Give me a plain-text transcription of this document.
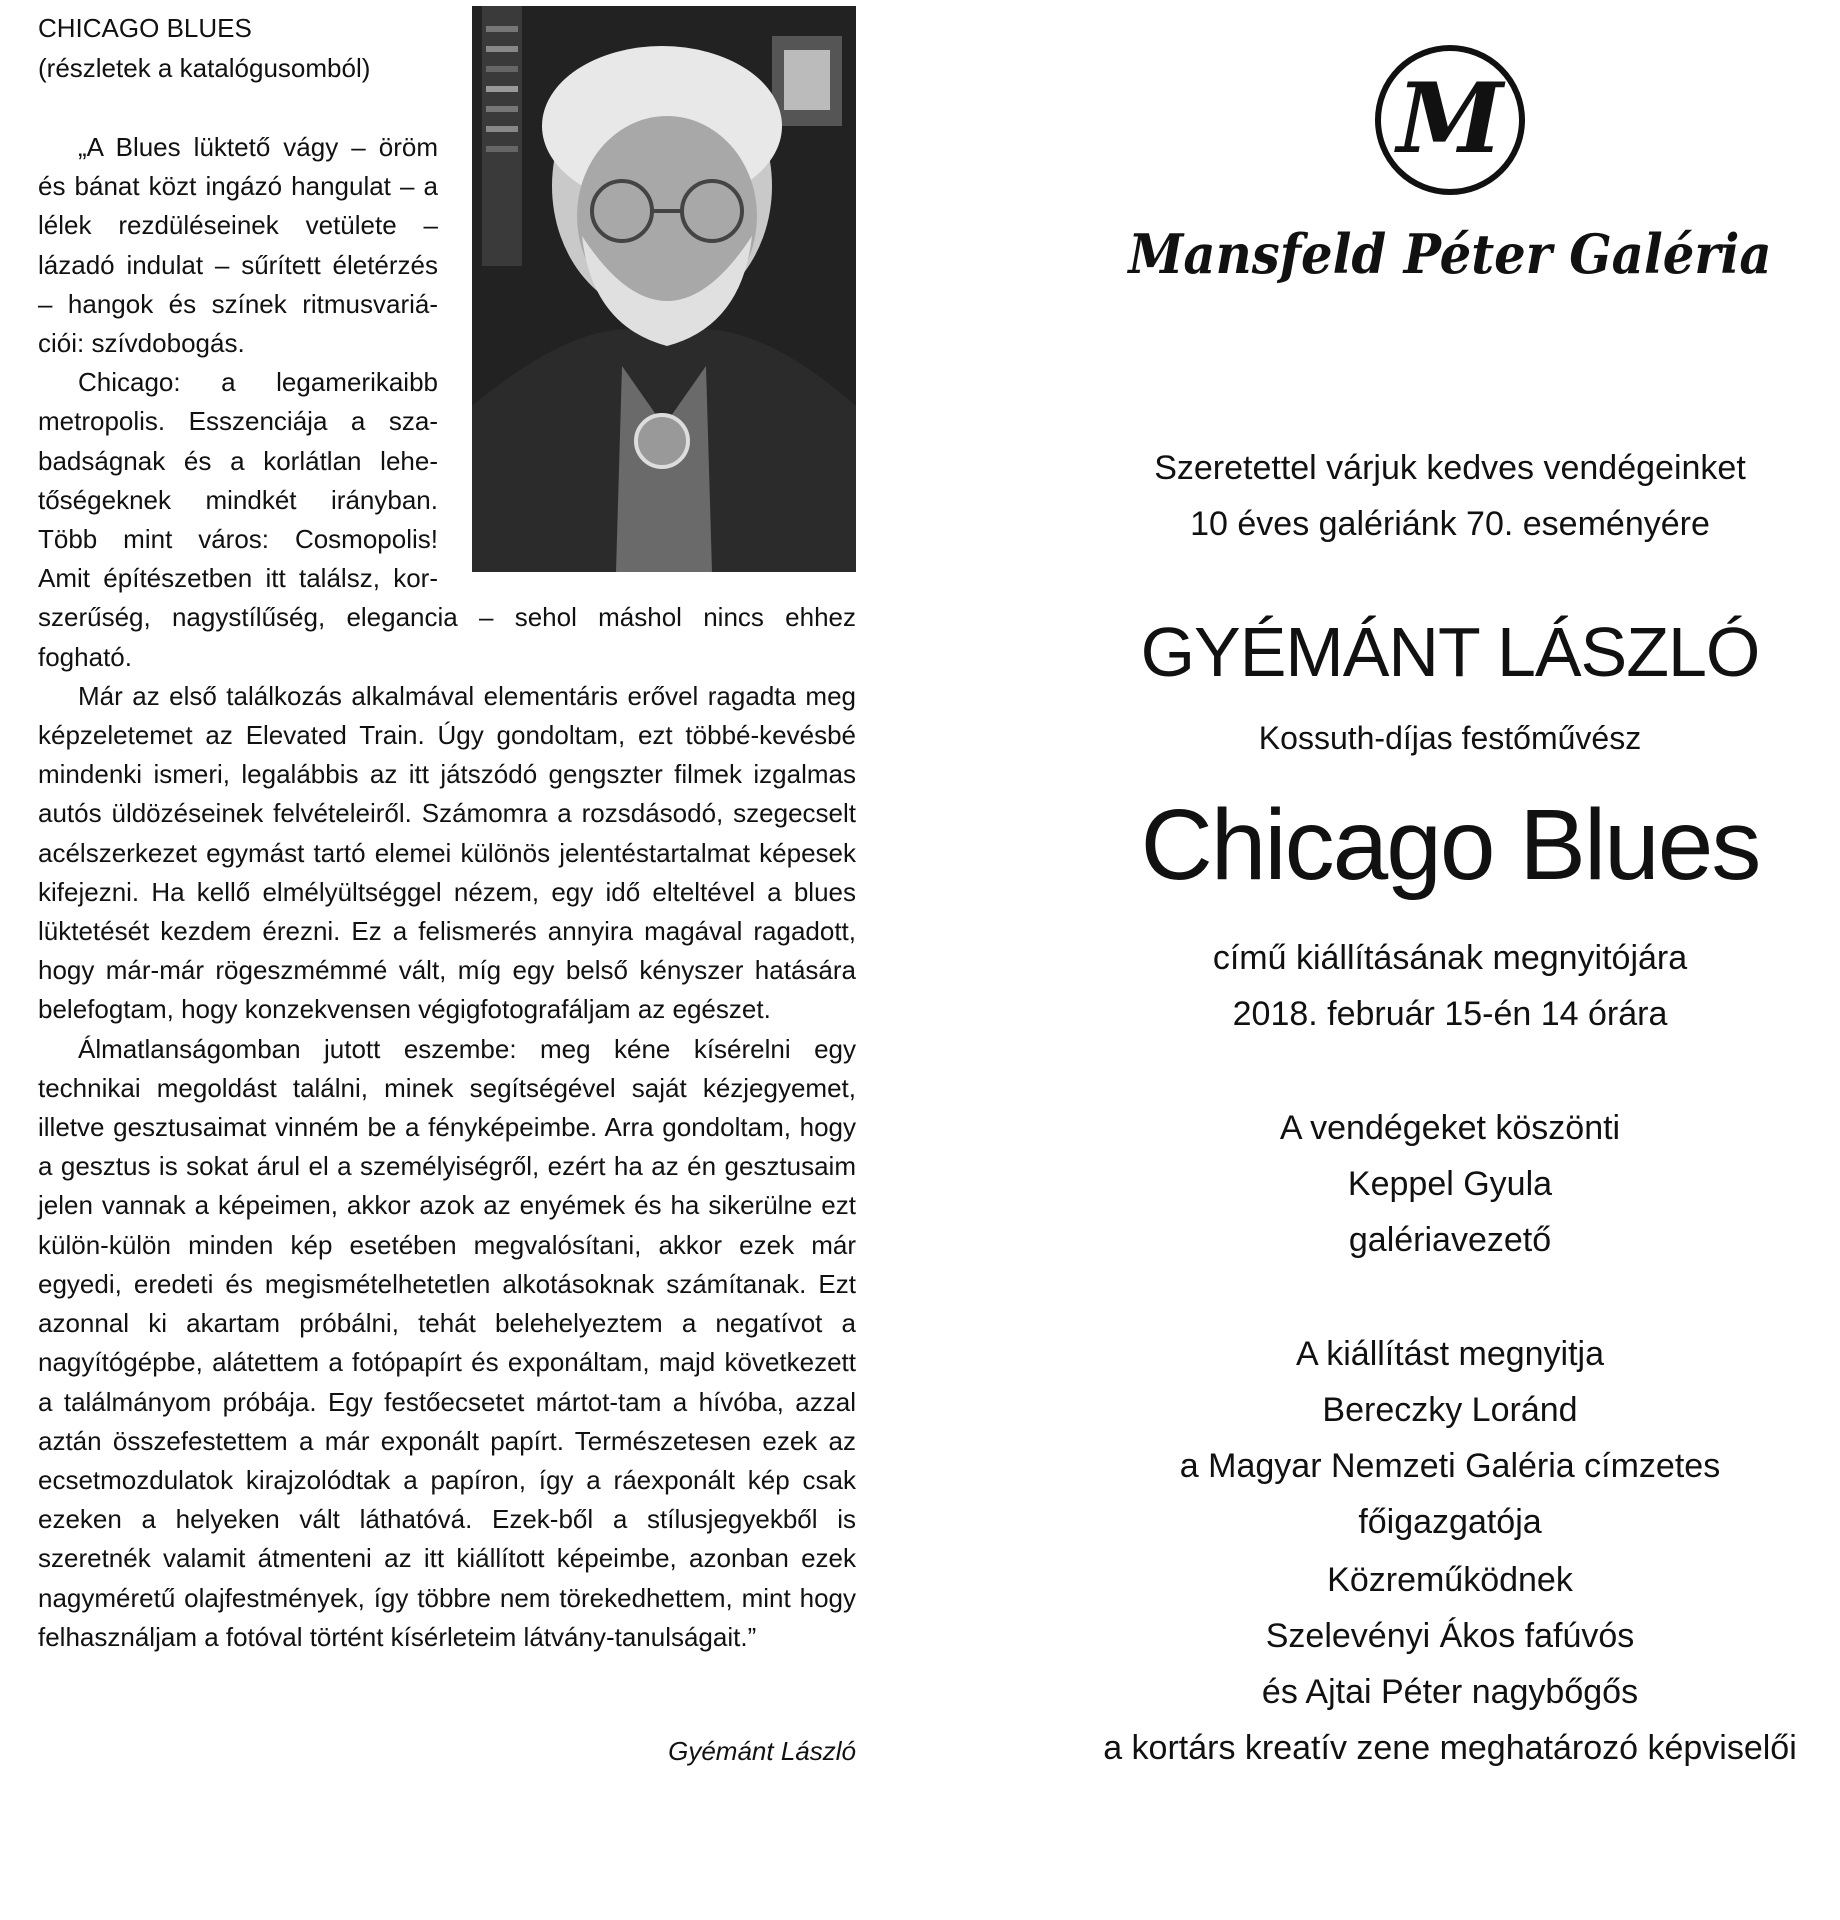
CHICAGO BLUES

(részletek a katalógusomból)

„A Blues lüktető vágy – öröm és bánat közt ingázó hangulat – a lélek rezdüléseinek vetülete – lázadó indulat – sűrített életérzés – hangok és színek ritmusvariá-ciói: szívdobogás.

Chicago: a legamerikaibb metropolis. Esszenciája a sza-badságnak és a korlátlan lehe-tőségeknek mindkét irányban. Több mint város: Cosmopolis! Amit építészetben itt találsz, kor-szerűség, nagystílűség, elegancia – sehol máshol nincs ehhez fogható.

Már az első találkozás alkalmával elementáris erővel ragadta meg képzeletemet az Elevated Train. Úgy gondoltam, ezt többé-kevésbé mindenki ismeri, legalábbis az itt játszódó gengszter filmek izgalmas autós üldözéseinek felvételeiről. Számomra a rozsdásodó, szegecselt acélszerkezet egymást tartó elemei különös jelentéstartalmat képesek kifejezni. Ha kellő elmélyültséggel nézem, egy idő elteltével a blues lüktetését kezdem érezni. Ez a felismerés annyira magával ragadott, hogy már-már rögeszmémmé vált, míg egy belső kényszer hatására belefogtam, hogy konzekvensen végigfotografáljam az egészet.

Álmatlanságomban jutott eszembe: meg kéne kísérelni egy technikai megoldást találni, minek segítségével saját kézjegyemet, illetve gesztusaimat vinném be a fényképeimbe. Arra gondoltam, hogy a gesztus is sokat árul el a személyiségről, ezért ha az én gesztusaim jelen vannak a képeimen, akkor azok az enyémek és ha sikerülne ezt külön-külön minden kép esetében megvalósítani, akkor ezek már egyedi, eredeti és megismételhetetlen alkotásoknak számítanak. Ezt azonnal ki akartam próbálni, tehát belehelyeztem a negatívot a nagyítógépbe, alátettem a fotópapírt és exponáltam, majd következett a találmányom próbája. Egy festőecsetet mártot-tam a hívóba, azzal aztán összefestettem a már exponált papírt. Természetesen ezek az ecsetmozdulatok kirajzolódtak a papíron, így a ráexponált kép csak ezeken a helyeken vált láthatóvá. Ezek-ből a stílusjegyekből is szeretnék valamit átmenteni az itt kiállított képeimbe, azonban ezek nagyméretű olajfestmények, így többre nem törekedhettem, mint hogy felhasználjam a fotóval történt kísérleteim látvány-tanulságait.”

Gyémánt László
M
Mansfeld Péter Galéria
Szeretettel várjuk kedves vendégeinket
10 éves galériánk 70. eseményére
GYÉMÁNT LÁSZLÓ
Kossuth-díjas festőművész
Chicago Blues
című kiállításának megnyitójára
2018. február 15-én 14 órára
A vendégeket köszönti
Keppel Gyula
galériavezető
A kiállítást megnyitja
Bereczky Loránd
a Magyar Nemzeti Galéria címzetes főigazgatója
Közreműködnek
Szelevényi Ákos fafúvós
és Ajtai Péter nagybőgős
a kortárs kreatív zene meghatározó képviselői
